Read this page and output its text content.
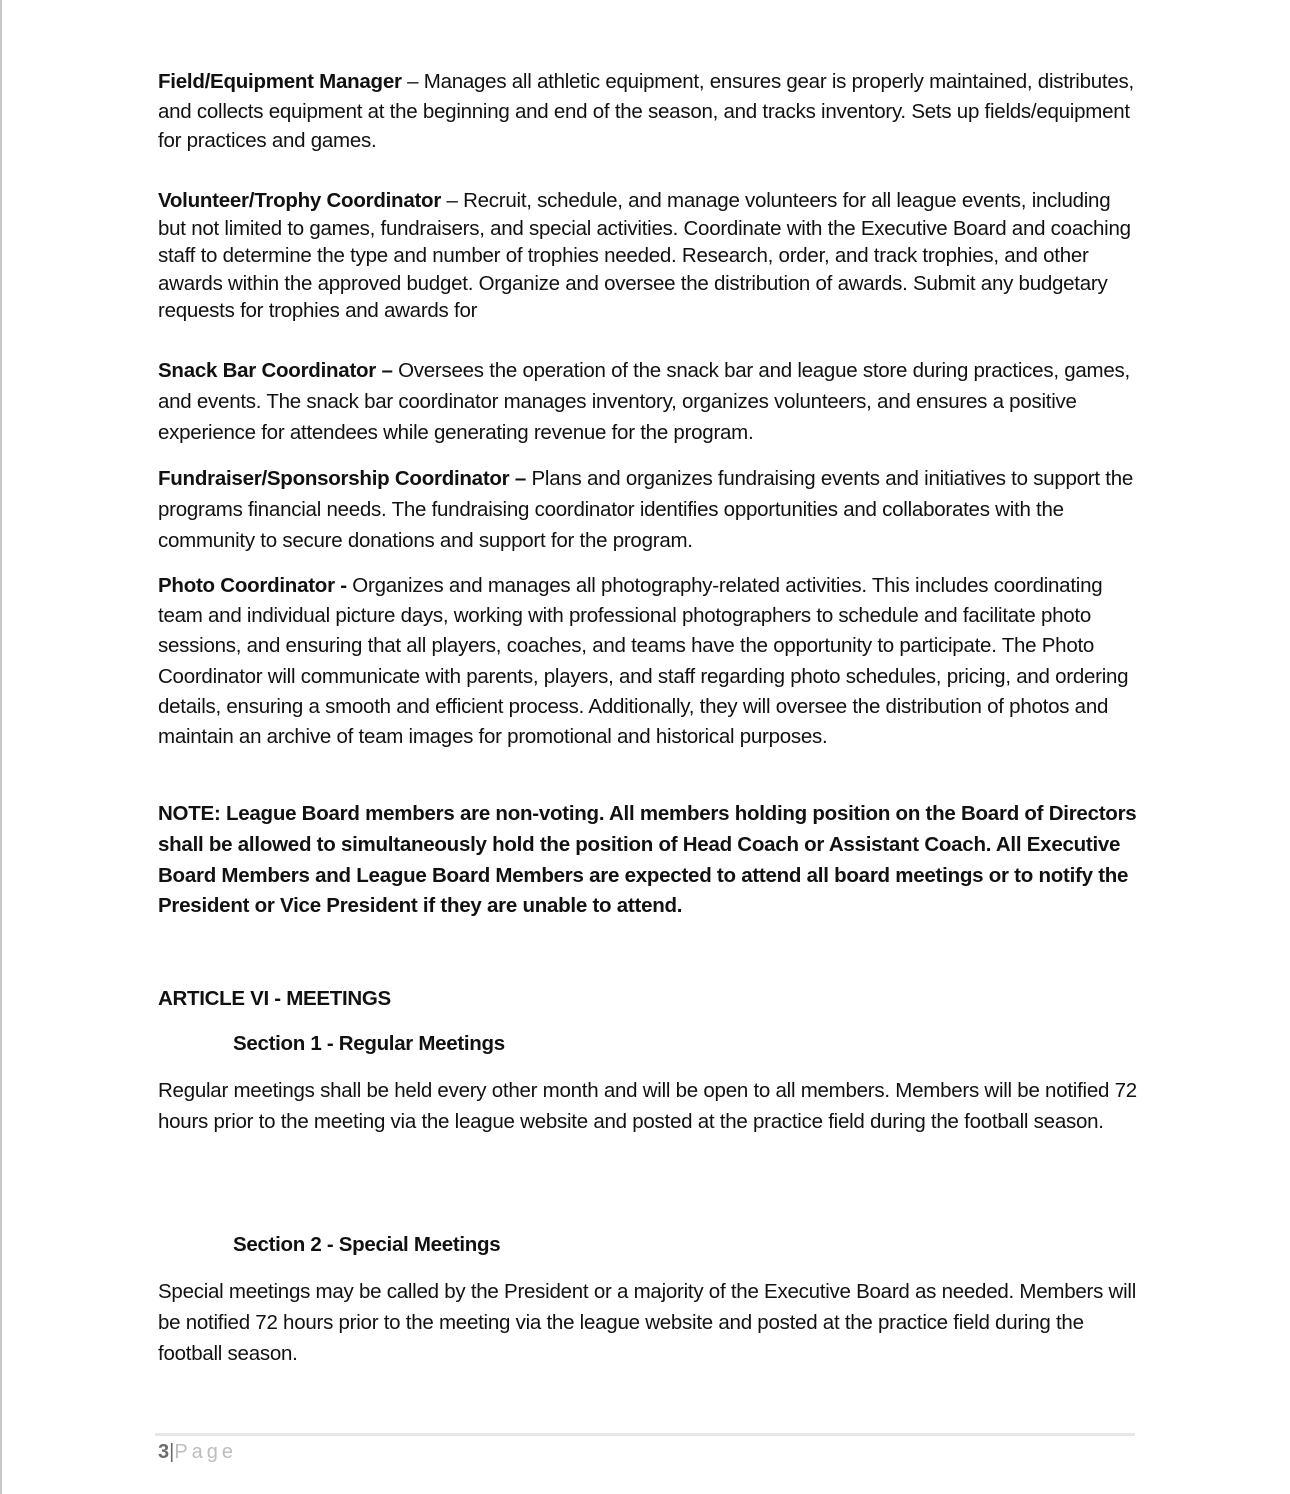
Field/Equipment Manager – Manages all athletic equipment, ensures gear is properly maintained, distributes, and collects equipment at the beginning and end of the season, and tracks inventory. Sets up fields/equipment for practices and games.

Volunteer/Trophy Coordinator – Recruit, schedule, and manage volunteers for all league events, including but not limited to games, fundraisers, and special activities. Coordinate with the Executive Board and coaching staff to determine the type and number of trophies needed. Research, order, and track trophies, and other awards within the approved budget. Organize and oversee the distribution of awards. Submit any budgetary requests for trophies and awards for

Snack Bar Coordinator – Oversees the operation of the snack bar and league store during practices, games, and events. The snack bar coordinator manages inventory, organizes volunteers, and ensures a positive experience for attendees while generating revenue for the program.

Fundraiser/Sponsorship Coordinator – Plans and organizes fundraising events and initiatives to support the programs financial needs. The fundraising coordinator identifies opportunities and collaborates with the community to secure donations and support for the program.

Photo Coordinator - Organizes and manages all photography-related activities. This includes coordinating team and individual picture days, working with professional photographers to schedule and facilitate photo sessions, and ensuring that all players, coaches, and teams have the opportunity to participate. The Photo Coordinator will communicate with parents, players, and staff regarding photo schedules, pricing, and ordering details, ensuring a smooth and efficient process. Additionally, they will oversee the distribution of photos and maintain an archive of team images for promotional and historical purposes.

NOTE: League Board members are non-voting. All members holding position on the Board of Directors shall be allowed to simultaneously hold the position of Head Coach or Assistant Coach. All Executive Board Members and League Board Members are expected to attend all board meetings or to notify the President or Vice President if they are unable to attend.

ARTICLE VI - MEETINGS
Section 1 - Regular Meetings

Regular meetings shall be held every other month and will be open to all members. Members will be notified 72 hours prior to the meeting via the league website and posted at the practice field during the football season.

Section 2 - Special Meetings

Special meetings may be called by the President or a majority of the Executive Board as needed. Members will be notified 72 hours prior to the meeting via the league website and posted at the practice field during the football season.

3|Page
